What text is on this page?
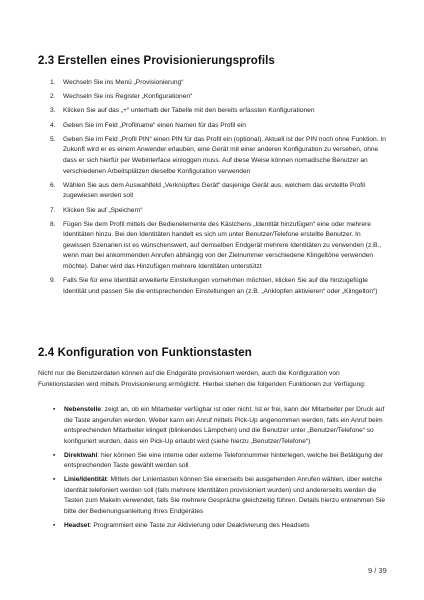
2.3 Erstellen eines Provisionierungsprofils
1. Wechseln Sie ins Menü „Provisionierung“
2. Wechseln Sie ins Register „Konfigurationen“
3. Klicken Sie auf das „+“ unterhalb der Tabelle mit den bereits erfassten Konfigurationen
4. Geben Sie im Feld „Profilname“ einen Namen für das Profil ein
5. Geben Sie im Feld „Profil PIN“ einen PIN für das Profil ein (optional). Aktuell ist der PIN noch ohne Funktion. In Zukunft wird er es einem Anwender erlauben, eine Gerät mit einer anderen Konfiguration zu versehen, ohne dass er sich hierfür per Webinterface einloggen muss. Auf diese Weise können nomadische Benutzer an verschiedenen Arbeitsplätzen dieselbe Konfiguration verwenden
6. Wählen Sie aus dem Auswahlfeld „Verknüpftes Gerät“ dasjenige Gerät aus, welchem das erstellte Profil zugewiesen werden soll
7. Klicken Sie auf „Speichern“
8. Fügen Sie dem Profil mittels der Bedienelemente des Kästchens „Identität hinzufügen“ eine oder mehrere Identitäten hinzu. Bei den Identitäten handelt es sich um unter Benutzer/Telefone erstellte Benutzer. In gewissen Szenarien ist es wünschenswert, auf demselben Endgerät mehrere Identitäten zu verwenden (z.B., wenn man bei ankommenden Anrufen abhängig von der Zielnummer verschiedene Klingeltöne verwenden möchte). Daher wird das Hinzufügen mehrere Identitäten unterstützt
9. Falls Sie für eine Identität erweiterte Einstellungen vornehmen möchten, klicken Sie auf die hinzugefügte Identität und passen Sie die entsprechenden Einstellungen an (z.B. „Anklopfen aktivieren“ oder „Klingelton“)
2.4 Konfiguration von Funktionstasten

Nicht nur die Benutzerdaten können auf die Endgeräte provisioniert werden, auch die Konfiguration von Funktionstasten wird mittels Provisionierung ermöglicht. Hierbei stehen die folgenden Funktionen zur Verfügung:

▪ Nebenstelle: zeigt an, ob ein Mitarbeiter verfügbar ist oder nicht. Ist er frei, kann der Mitarbeiter per Druck auf die Taste angerufen werden. Weiter kann ein Anruf mittels Pick-Up angenommen werden, falls ein Anruf beim entsprechenden Mitarbeiter klingelt (blinkendes Lämpchen) und die Benutzer unter „Benutzer/Telefone“ so konfiguriert wurden, dass ein Pick-Up erlaubt wird (siehe hierzu „Benutzer/Telefone“)
▪ Direktwahl: hier können Sie eine interne oder externe Telefonnummer hinterlegen, welche bei Betätigung der entsprechenden Taste gewählt werden soll
▪ Linie/Identität: Mittels der Linientasten können Sie einerseits bei ausgehenden Anrufen wählen, über welche Identität telefoniert werden soll (falls mehrere Identitäten provisioniert wurden) und andererseits werden die Tasten zum Makeln verwendet, falls Sie mehrere Gespräche gleichzeitig führen. Details hierzu entnehmen Sie bitte der Bedienungsanleitung Ihres Endgerätes
▪ Headset: Programmiert eine Taste zur Aktivierung oder Deaktivierung des Headsets
9 / 39
